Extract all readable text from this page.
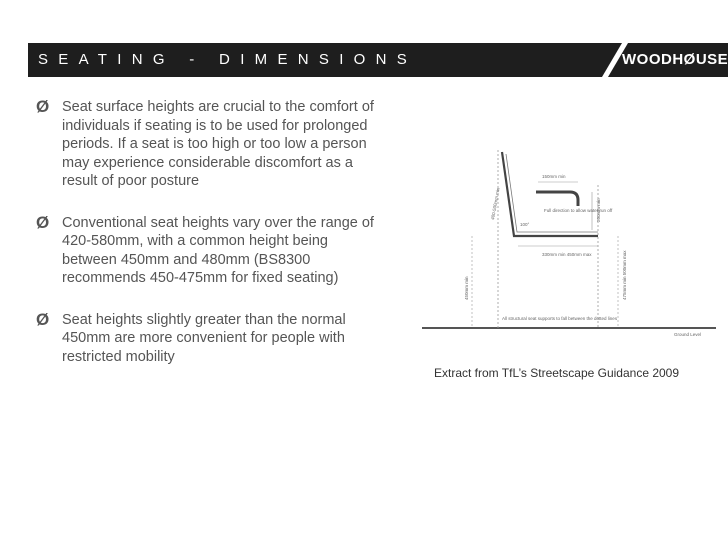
SEATING - DIMENSIONS	WOODHØUSE
Ø Seat surface heights are crucial to the comfort of individuals if seating is to be used for prolonged periods. If a seat is too high or too low a person may experience considerable discomfort as a result of poor posture
Ø Conventional seat heights vary over the range of 420-580mm, with a common height being between 450mm and 480mm (BS8300 recommends 450-475mm for fixed seating)
Ø Seat heights slightly greater than the normal 450mm are more convenient for people with restricted mobility
150mm min
400-500mm min	Full direction to allow water run off
100°
330mm min 450mm max
200mm min
450mm min	475mm min 500mm max
All structural seat supports to fall between the dotted lines
Ground Level
Extract from TfL’s Streetscape Guidance 2009
